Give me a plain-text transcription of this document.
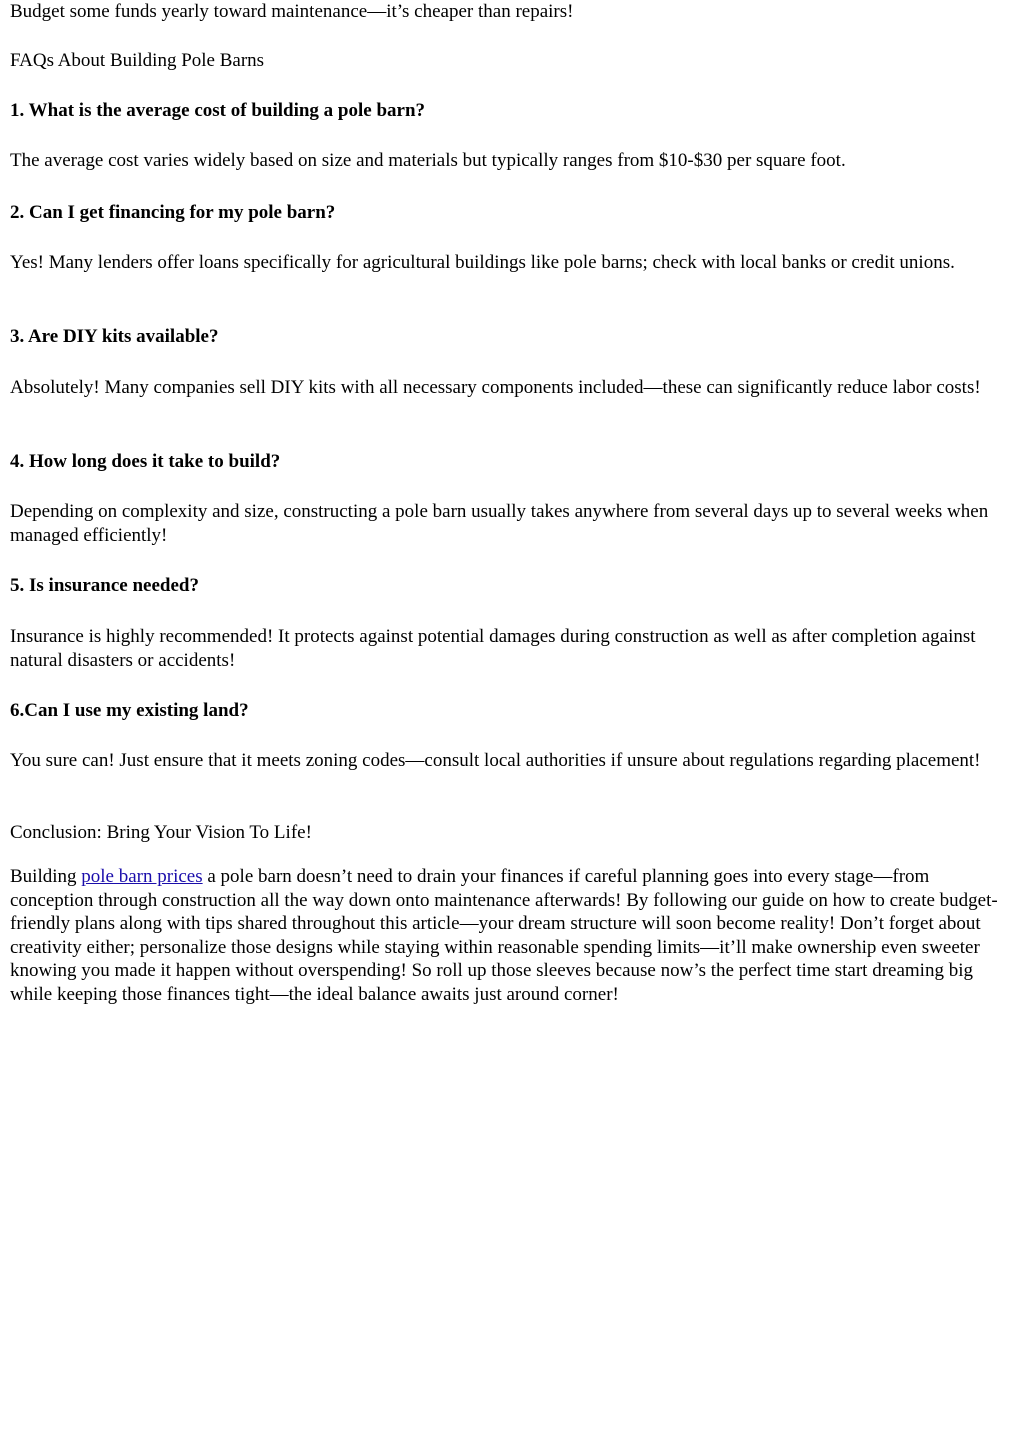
Budget some funds yearly toward maintenance—it’s cheaper than repairs!

FAQs About Building Pole Barns

1. What is the average cost of building a pole barn?

The average cost varies widely based on size and materials but typically ranges from $10-$30 per square foot.

2. Can I get financing for my pole barn?

Yes! Many lenders offer loans specifically for agricultural buildings like pole barns; check with local banks or credit unions.

3. Are DIY kits available?

Absolutely! Many companies sell DIY kits with all necessary components included—these can significantly reduce labor costs!

4. How long does it take to build?

Depending on complexity and size, constructing a pole barn usually takes anywhere from several days up to several weeks when managed efficiently!

5. Is insurance needed?

Insurance is highly recommended! It protects against potential damages during construction as well as after completion against natural disasters or accidents!

6.Can I use my existing land?

You sure can! Just ensure that it meets zoning codes—consult local authorities if unsure about regulations regarding placement!

Conclusion: Bring Your Vision To Life!

Building pole barn prices a pole barn doesn’t need to drain your finances if careful planning goes into every stage—from conception through construction all the way down onto maintenance afterwards! By following our guide on how to create budget-friendly plans along with tips shared throughout this article—your dream structure will soon become reality! Don’t forget about creativity either; personalize those designs while staying within reasonable spending limits—it’ll make ownership even sweeter knowing you made it happen without overspending! So roll up those sleeves because now’s the perfect time start dreaming big while keeping those finances tight—the ideal balance awaits just around corner!
